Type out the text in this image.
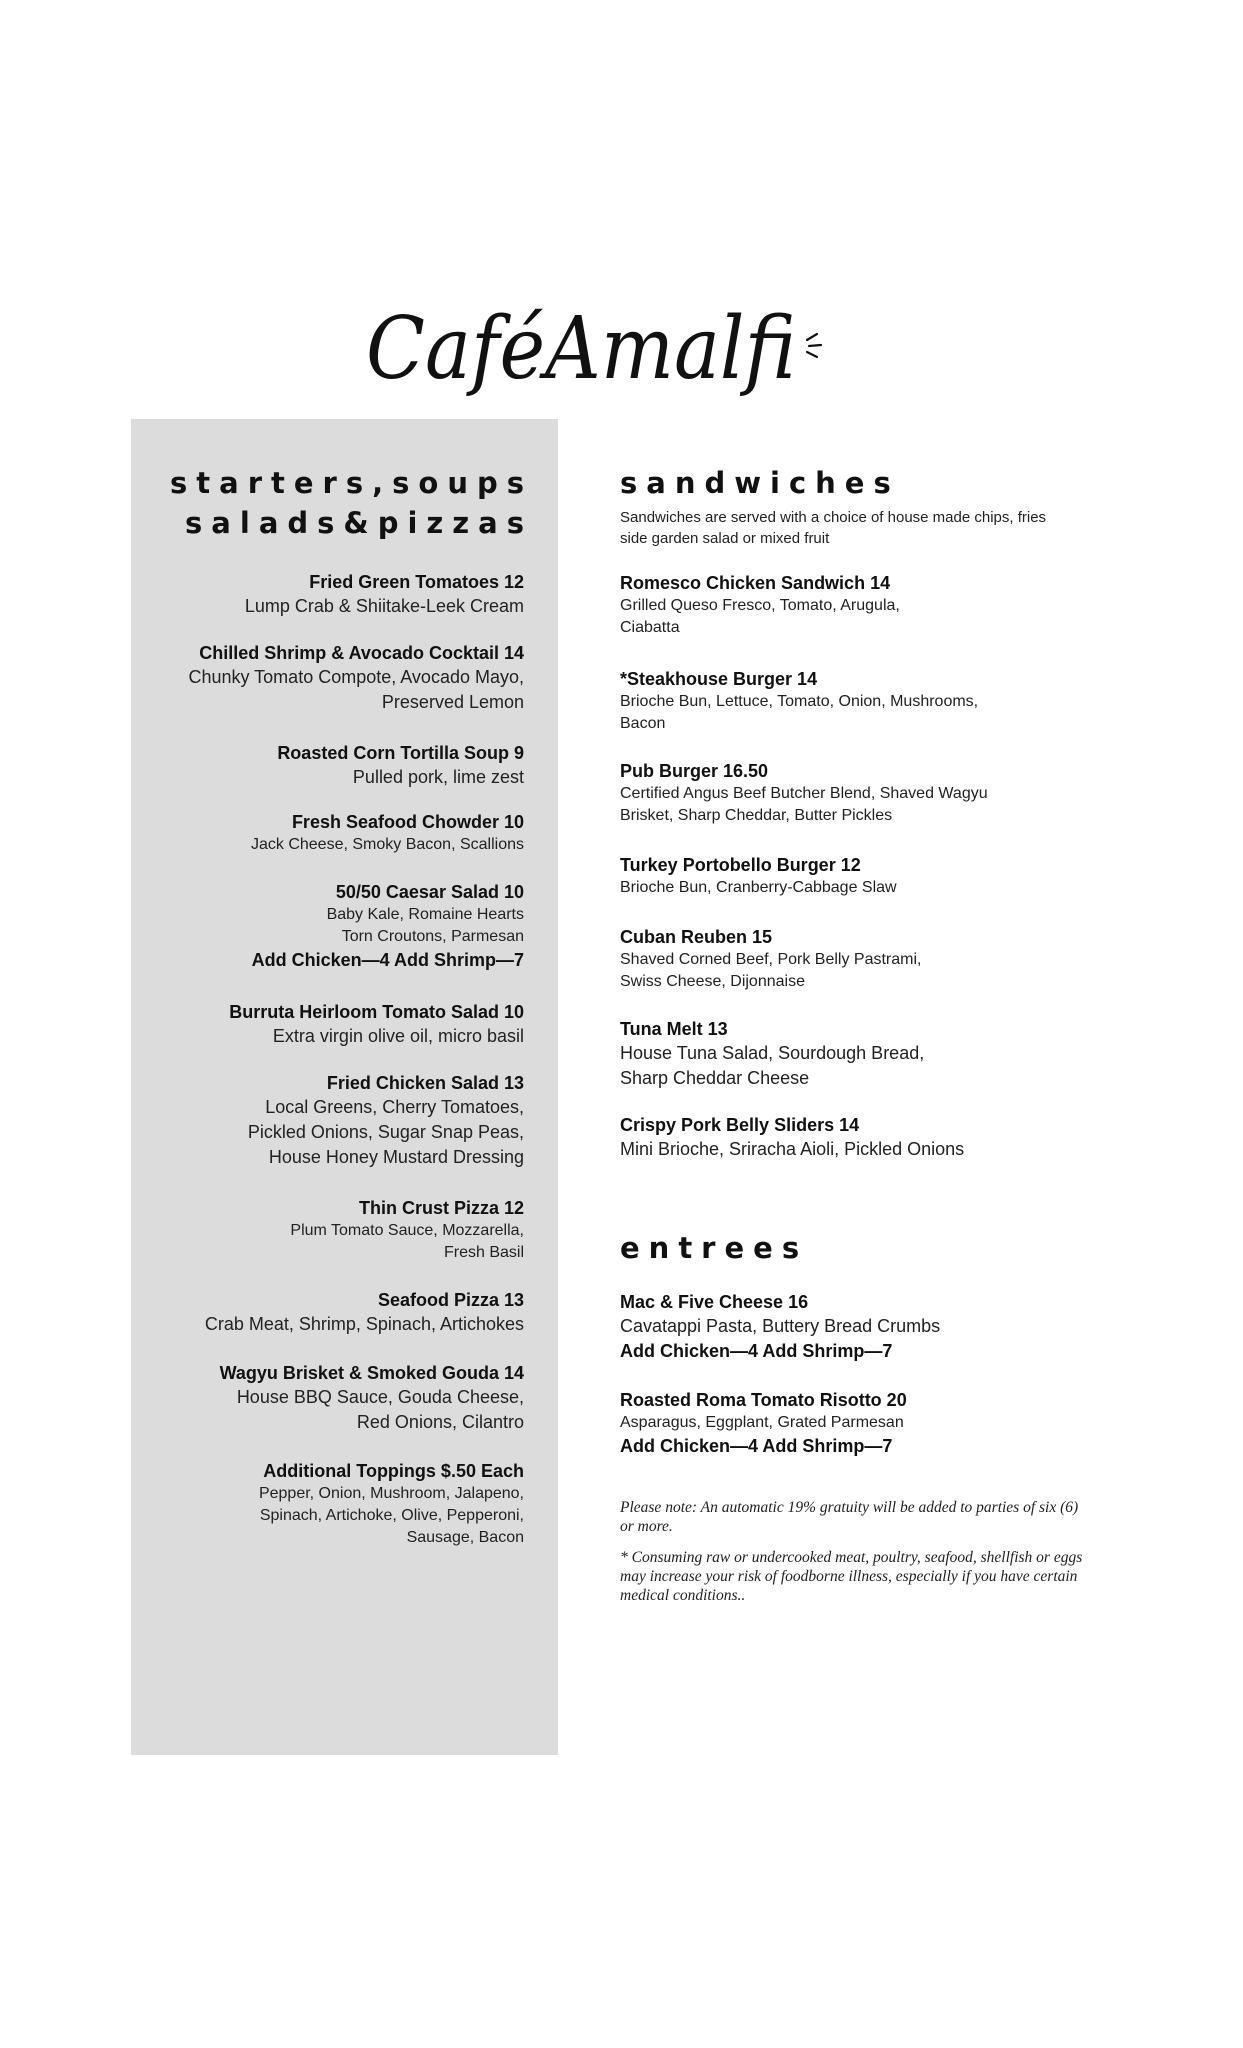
CaféAmalfi
starters,soups
salads&pizzas
Fried Green Tomatoes 12
Lump Crab & Shiitake-Leek Cream
Chilled Shrimp & Avocado Cocktail 14
Chunky Tomato Compote, Avocado Mayo,
Preserved Lemon
Roasted Corn Tortilla Soup 9
Pulled pork, lime zest
Fresh Seafood Chowder 10
Jack Cheese, Smoky Bacon, Scallions
50/50 Caesar Salad 10
Baby Kale, Romaine Hearts
Torn Croutons, Parmesan
Add Chicken—4 Add Shrimp—7
Burruta Heirloom Tomato Salad 10
Extra virgin olive oil, micro basil
Fried Chicken Salad 13
Local Greens, Cherry Tomatoes,
Pickled Onions, Sugar Snap Peas,
House Honey Mustard Dressing
Thin Crust Pizza 12
Plum Tomato Sauce, Mozzarella,
Fresh Basil
Seafood Pizza 13
Crab Meat, Shrimp, Spinach, Artichokes
Wagyu Brisket & Smoked Gouda 14
House BBQ Sauce, Gouda Cheese,
Red Onions, Cilantro
Additional Toppings $.50 Each
Pepper, Onion, Mushroom, Jalapeno,
Spinach, Artichoke, Olive, Pepperoni,
Sausage, Bacon
sandwiches
Sandwiches are served with a choice of house made chips, fries
side garden salad or mixed fruit
Romesco Chicken Sandwich 14
Grilled Queso Fresco, Tomato, Arugula,
Ciabatta
*Steakhouse Burger 14
Brioche Bun, Lettuce, Tomato, Onion, Mushrooms,
Bacon
Pub Burger 16.50
Certified Angus Beef Butcher Blend, Shaved Wagyu
Brisket, Sharp Cheddar, Butter Pickles
Turkey Portobello Burger 12
Brioche Bun, Cranberry-Cabbage Slaw
Cuban Reuben 15
Shaved Corned Beef, Pork Belly Pastrami,
Swiss Cheese, Dijonnaise
Tuna Melt 13
House Tuna Salad, Sourdough Bread,
Sharp Cheddar Cheese
Crispy Pork Belly Sliders 14
Mini Brioche, Sriracha Aioli, Pickled Onions
entrees
Mac & Five Cheese 16
Cavatappi Pasta, Buttery Bread Crumbs
Add Chicken—4 Add Shrimp—7
Roasted Roma Tomato Risotto 20
Asparagus, Eggplant, Grated Parmesan
Add Chicken—4 Add Shrimp—7

Please note: An automatic 19% gratuity will be added to parties of six (6) or more.

* Consuming raw or undercooked meat, poultry, seafood, shellfish or eggs may increase your risk of foodborne illness, especially if you have certain medical conditions..
